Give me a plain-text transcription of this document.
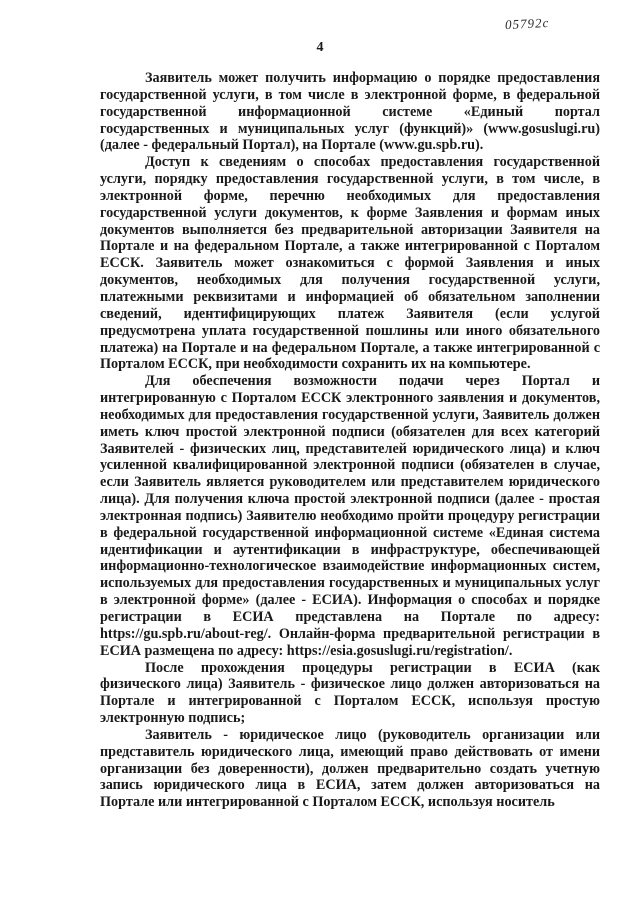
05792с
4

Заявитель может получить информацию о порядке предоставления государственной услуги, в том числе в электронной форме, в федеральной государственной информационной системе «Единый портал государственных и муниципальных услуг (функций)» (www.gosuslugi.ru) (далее - федеральный Портал), на Портале (www.gu.spb.ru).

Доступ к сведениям о способах предоставления государственной услуги, порядку предоставления государственной услуги, в том числе, в электронной форме, перечню необходимых для предоставления государственной услуги документов, к форме Заявления и формам иных документов выполняется без предварительной авторизации Заявителя на Портале и на федеральном Портале, а также интегрированной с Порталом ЕССК. Заявитель может ознакомиться с формой Заявления и иных документов, необходимых для получения государственной услуги, платежными реквизитами и информацией об обязательном заполнении сведений, идентифицирующих платеж Заявителя (если услугой предусмотрена уплата государственной пошлины или иного обязательного платежа) на Портале и на федеральном Портале, а также интегрированной с Порталом ЕССК, при необходимости сохранить их на компьютере.

Для обеспечения возможности подачи через Портал и интегрированную с Порталом ЕССК электронного заявления и документов, необходимых для предоставления государственной услуги, Заявитель должен иметь ключ простой электронной подписи (обязателен для всех категорий Заявителей - физических лиц, представителей юридического лица) и ключ усиленной квалифицированной электронной подписи (обязателен в случае, если Заявитель является руководителем или представителем юридического лица). Для получения ключа простой электронной подписи (далее - простая электронная подпись) Заявителю необходимо пройти процедуру регистрации в федеральной государственной информационной системе «Единая система идентификации и аутентификации в инфраструктуре, обеспечивающей информационно-технологическое взаимодействие информационных систем, используемых для предоставления государственных и муниципальных услуг в электронной форме» (далее - ЕСИА). Информация о способах и порядке регистрации в ЕСИА представлена на Портале по адресу: https://gu.spb.ru/about-reg/. Онлайн-форма предварительной регистрации в ЕСИА размещена по адресу: https://esia.gosuslugi.ru/registration/.

После прохождения процедуры регистрации в ЕСИА (как физического лица) Заявитель - физическое лицо должен авторизоваться на Портале и интегрированной с Порталом ЕССК, используя простую электронную подпись;

Заявитель - юридическое лицо (руководитель организации или представитель юридического лица, имеющий право действовать от имени организации без доверенности), должен предварительно создать учетную запись юридического лица в ЕСИА, затем должен авторизоваться на Портале или интегрированной с Порталом ЕССК, используя носитель
